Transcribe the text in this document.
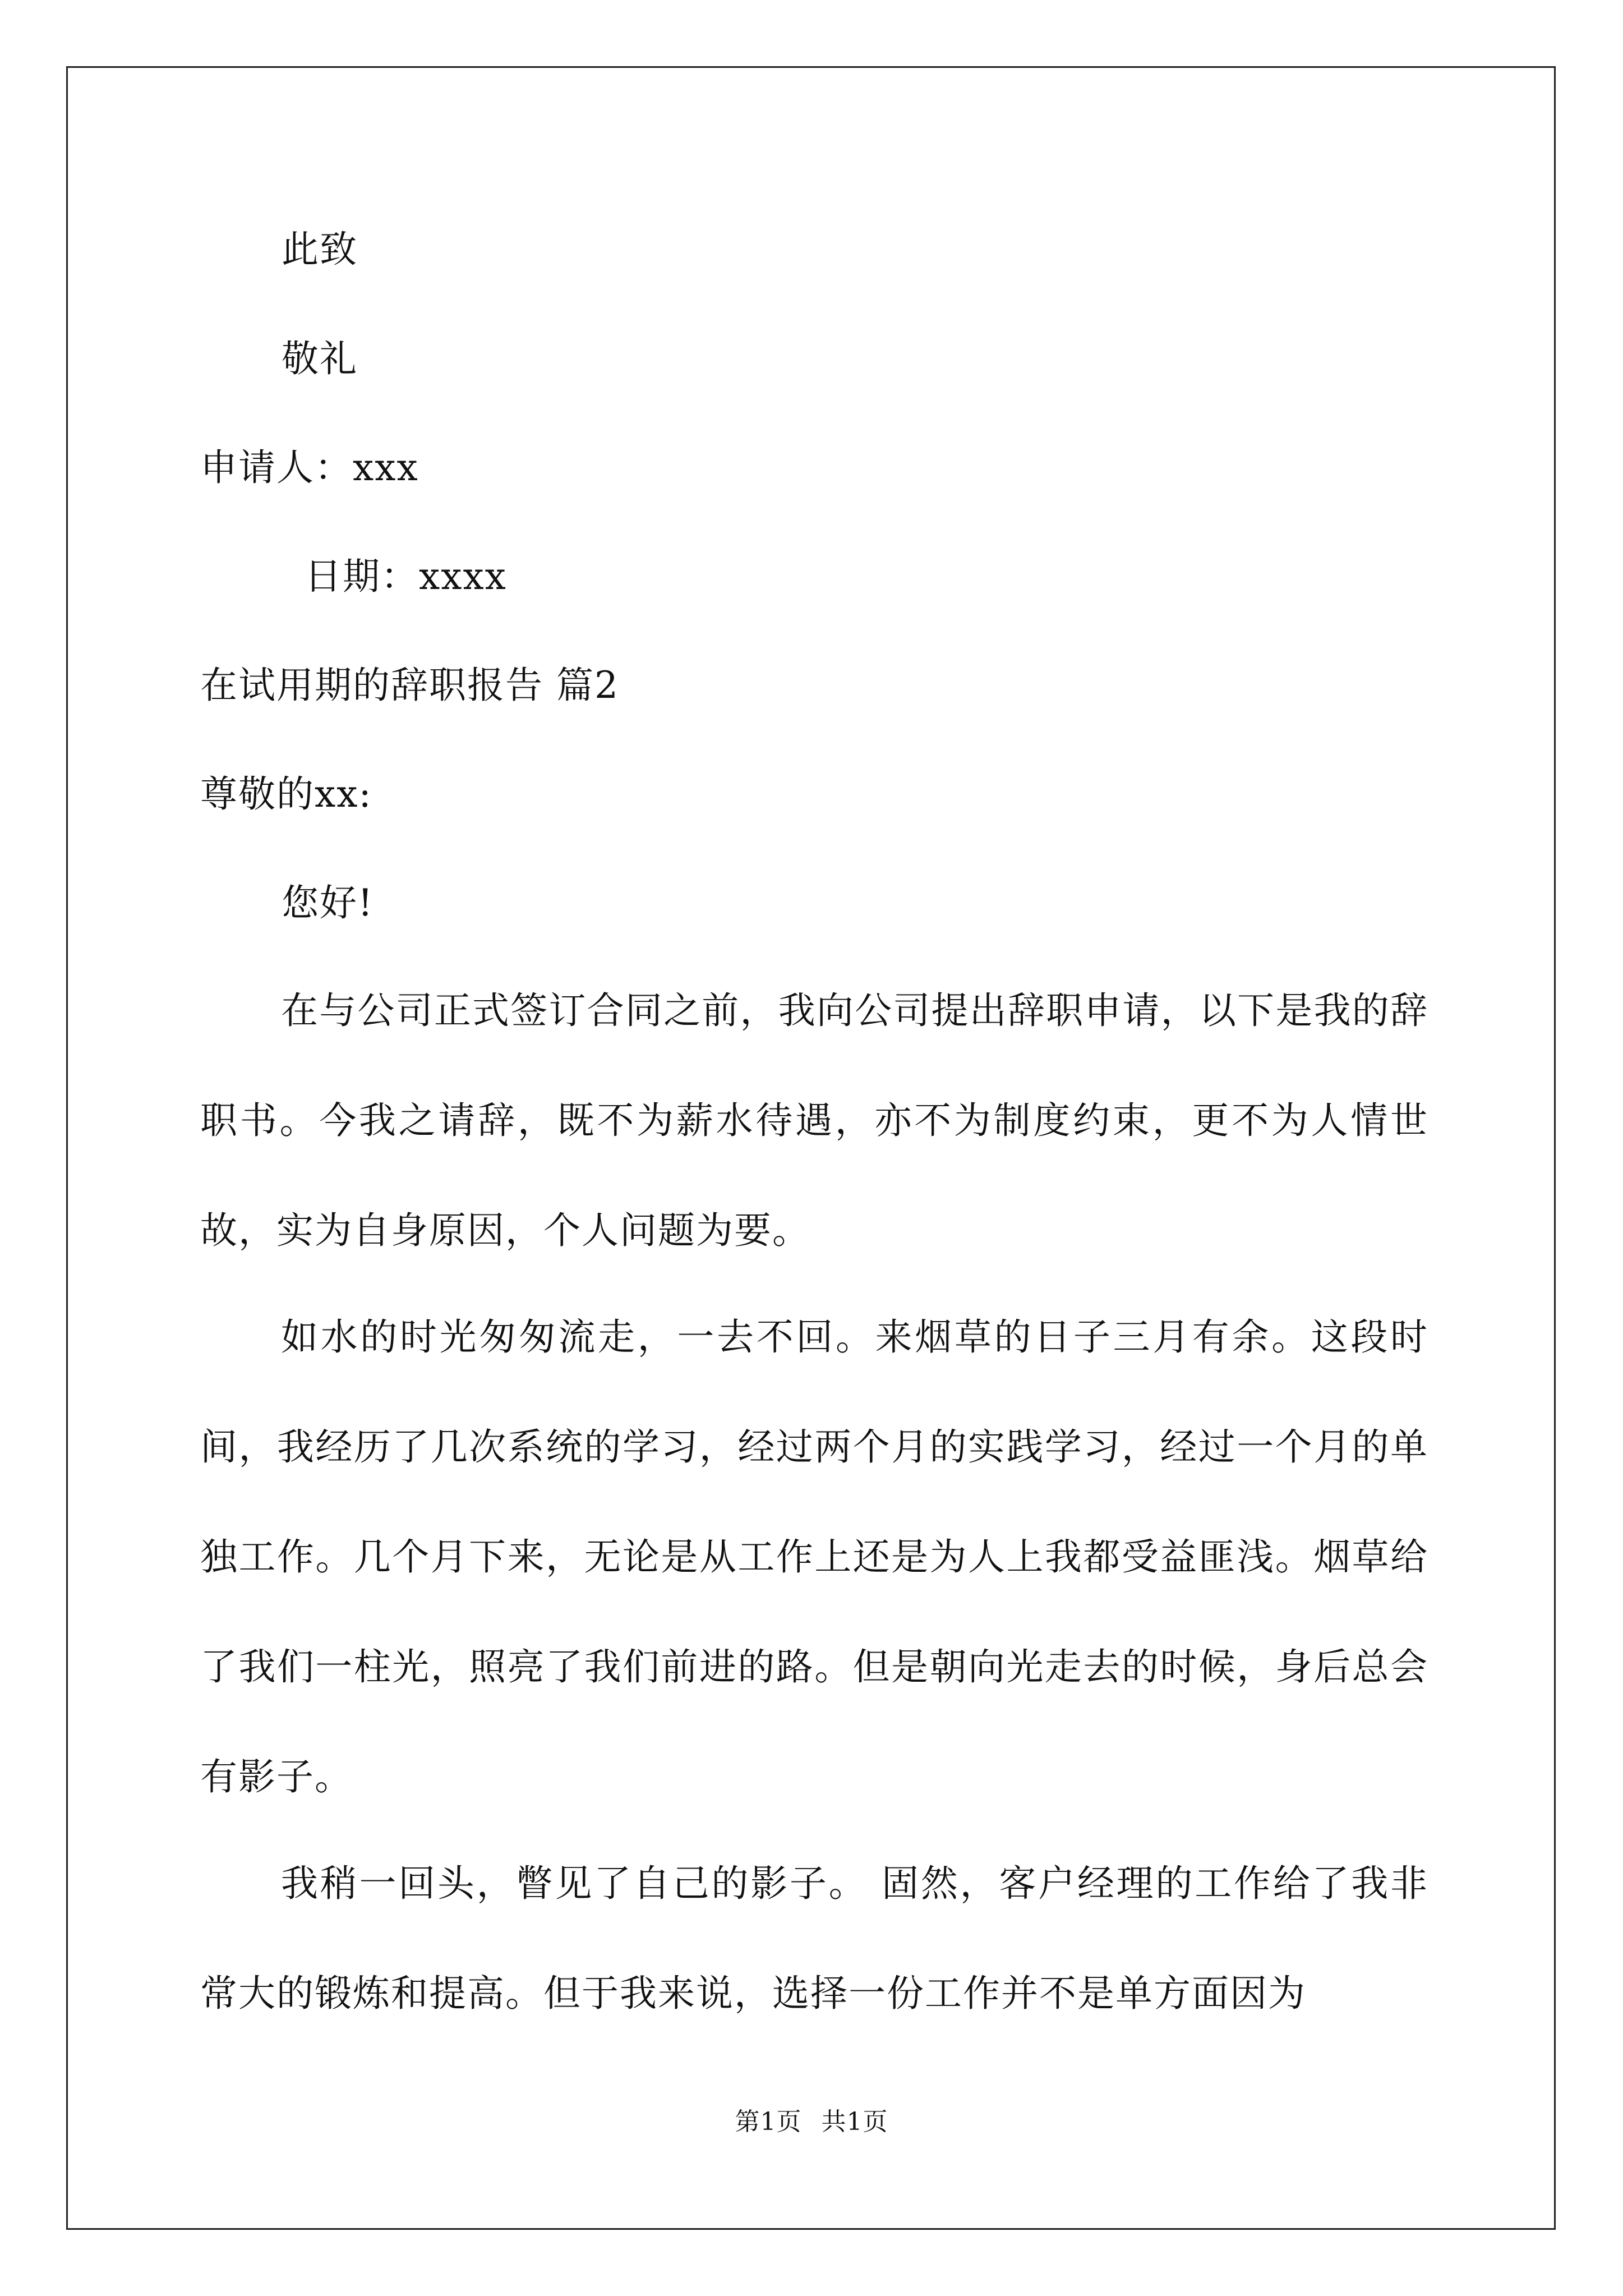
此致
敬礼
申请人：xxx
日期：xxxx
在试用期的辞职报告 篇2
尊敬的xx:
您好!
在与公司正式签订合同之前，我向公司提出辞职申请，以下是我的辞职书。今我之请辞，既不为薪水待遇，亦不为制度约束，更不为人情世故，实为自身原因，个人问题为要。
如水的时光匆匆流走，一去不回。来烟草的日子三月有余。这段时间，我经历了几次系统的学习，经过两个月的实践学习，经过一个月的单独工作。几个月下来，无论是从工作上还是为人上我都受益匪浅。烟草给了我们一柱光，照亮了我们前进的路。但是朝向光走去的时候，身后总会有影子。
我稍一回头，瞥见了自己的影子。 固然，客户经理的工作给了我非常大的锻炼和提高。但于我来说，选择一份工作并不是单方面因为
第1页 共1页
